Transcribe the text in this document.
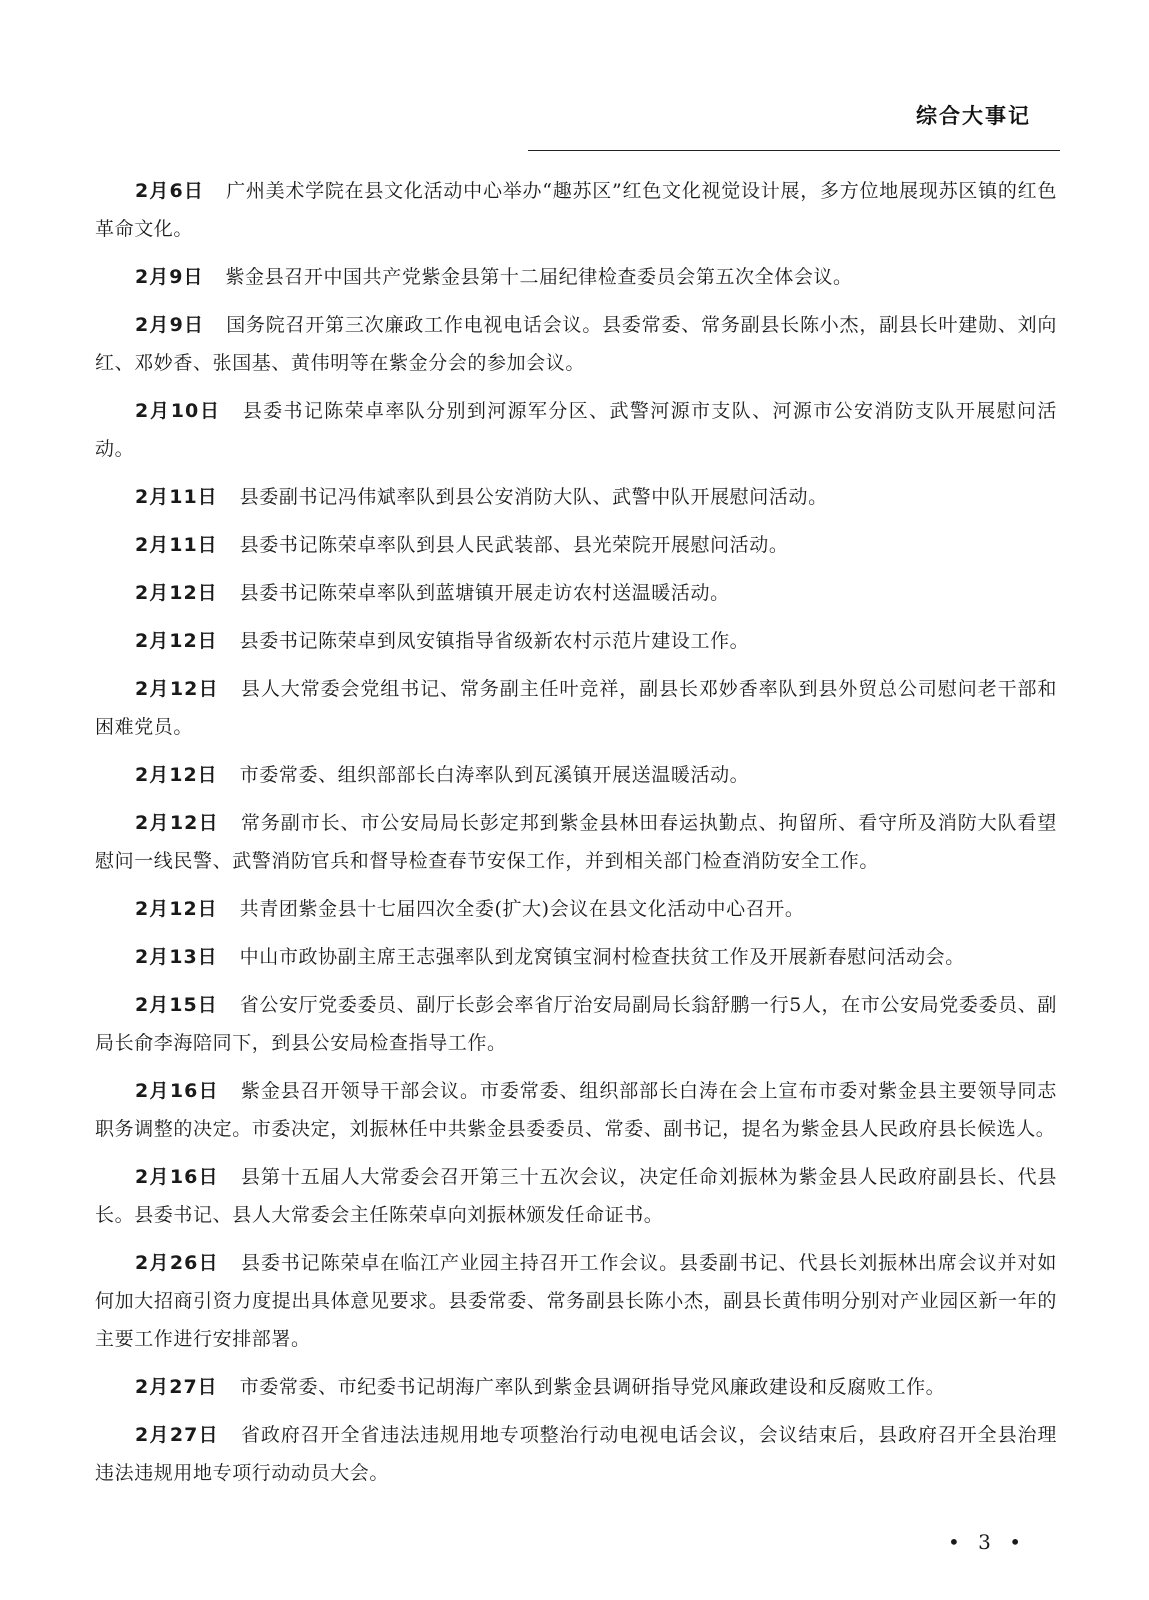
综合大事记

2月6日 广州美术学院在县文化活动中心举办“趣苏区”红色文化视觉设计展，多方位地展现苏区镇的红色革命文化。

2月9日 紫金县召开中国共产党紫金县第十二届纪律检查委员会第五次全体会议。

2月9日 国务院召开第三次廉政工作电视电话会议。县委常委、常务副县长陈小杰，副县长叶建勋、刘向红、邓妙香、张国基、黄伟明等在紫金分会的参加会议。

2月10日 县委书记陈荣卓率队分别到河源军分区、武警河源市支队、河源市公安消防支队开展慰问活动。

2月11日 县委副书记冯伟斌率队到县公安消防大队、武警中队开展慰问活动。

2月11日 县委书记陈荣卓率队到县人民武装部、县光荣院开展慰问活动。

2月12日 县委书记陈荣卓率队到蓝塘镇开展走访农村送温暖活动。

2月12日 县委书记陈荣卓到凤安镇指导省级新农村示范片建设工作。

2月12日 县人大常委会党组书记、常务副主任叶竞祥，副县长邓妙香率队到县外贸总公司慰问老干部和困难党员。

2月12日 市委常委、组织部部长白涛率队到瓦溪镇开展送温暖活动。

2月12日 常务副市长、市公安局局长彭定邦到紫金县林田春运执勤点、拘留所、看守所及消防大队看望慰问一线民警、武警消防官兵和督导检查春节安保工作，并到相关部门检查消防安全工作。

2月12日 共青团紫金县十七届四次全委(扩大)会议在县文化活动中心召开。

2月13日 中山市政协副主席王志强率队到龙窝镇宝洞村检查扶贫工作及开展新春慰问活动会。

2月15日 省公安厅党委委员、副厅长彭会率省厅治安局副局长翁舒鹏一行5人，在市公安局党委委员、副局长俞李海陪同下，到县公安局检查指导工作。

2月16日 紫金县召开领导干部会议。市委常委、组织部部长白涛在会上宣布市委对紫金县主要领导同志职务调整的决定。市委决定，刘振林任中共紫金县委委员、常委、副书记，提名为紫金县人民政府县长候选人。

2月16日 县第十五届人大常委会召开第三十五次会议，决定任命刘振林为紫金县人民政府副县长、代县长。县委书记、县人大常委会主任陈荣卓向刘振林颁发任命证书。

2月26日 县委书记陈荣卓在临江产业园主持召开工作会议。县委副书记、代县长刘振林出席会议并对如何加大招商引资力度提出具体意见要求。县委常委、常务副县长陈小杰，副县长黄伟明分别对产业园区新一年的主要工作进行安排部署。

2月27日 市委常委、市纪委书记胡海广率队到紫金县调研指导党风廉政建设和反腐败工作。

2月27日 省政府召开全省违法违规用地专项整治行动电视电话会议，会议结束后，县政府召开全县治理违法违规用地专项行动动员大会。

• 3 •
